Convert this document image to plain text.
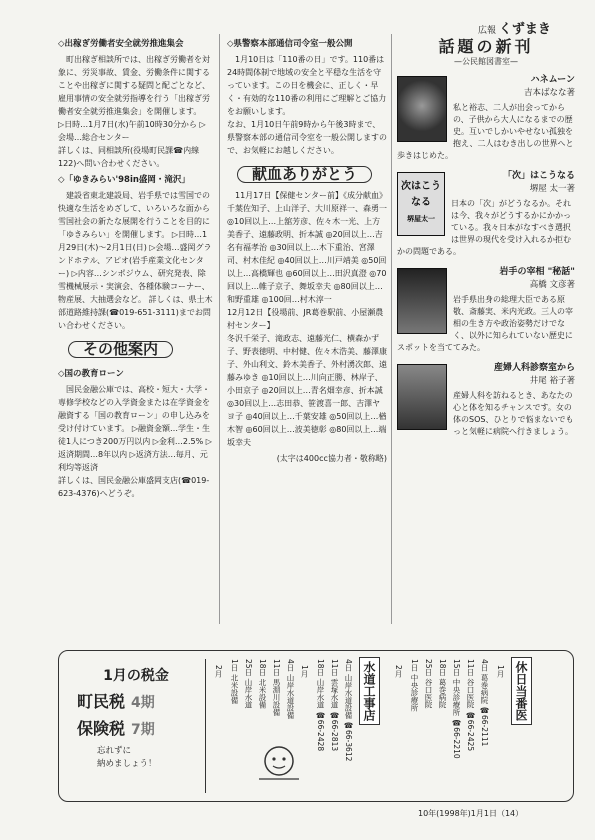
広報 くずまき
◇出稼ぎ労働者安全就労推進集会
町出稼ぎ相談所では、出稼ぎ労働者を対象に、労災事故、賃金、労働条件に関することや出稼ぎに関する疑問と配ごとなど、雇用事情の安全就労指導を行う「出稼ぎ労働者安全就労推進集会」を開催します。
▷日時…1月7日(水)午前10時30分から ▷会場…総合センター
詳しくは、同相談所(役場町民課☎内線122)へ問い合わせください。
◇「ゆきみらい'98in盛岡・滝沢」
建設省東北建設局、岩手県では雪国での快適な生活をめざして、いろいろな面から雪国社会の新たな展開を行うことを目的に「ゆきみらい」を開催します。 ▷日時…1月29日(木)〜2月1日(日) ▷会場…盛岡グランドホテル、アピオ(岩手産業文化センター) ▷内容…シンポジウム、研究発表、除雪機械展示・実演会、各種体験コーナー、物産展、大抽選会など。 詳しくは、県土木部道路維持課(☎019-651-3111)までお問い合わせください。
その他案内
◇国の教育ローン
国民金融公庫では、高校・短大・大学・専修学校などの入学資金または在学資金を融資する「国の教育ローン」の申し込みを受け付けています。 ▷融資金額…学生・生徒1人につき200万円以内 ▷金利…2.5% ▷返済期間…8年以内 ▷返済方法…毎月、元利均等返済
詳しくは、国民金融公庫盛岡支店(☎019-623-4376)へどうぞ。
◇県警察本部通信司令室一般公開
1月10日は「110番の日」です。110番は24時間体制で地域の安全と平穏な生活を守っています。この日を機会に、正しく・早く・有効的な110番の利用にご理解とご協力をお願いします。
なお、1月10日午前9時から午後3時まで、県警察本部の通信司令室を一般公開しますので、お気軽にお越しください。
献血ありがとう
11月17日【保健センター前】《成分献血》千葉佐知子、上山洋子、大川原祥一、森勇一 ◎10回以上…上舘芳彦、佐々木一光、上方美香子、遠藤政明、折本誠 ◎20回以上…吉名有福孝治 ◎30回以上…木下重治、宮澤司、村木佳紀 ◎40回以上…川戸靖美 ◎50回以上…高橋輝也 ◎60回以上…田沢真澄 ◎70回以上…帷子京子、舞坂幸夫 ◎80回以上…和野重雄 ◎100回…村木淳一
12月12日【役場前、JR葛巻駅前、小屋瀬農村センター】
冬沢千栄子、滝政志、遠藤光仁、横森かず子、野表徳明、中村健、佐々木浩美、藤澤康子、外山利文、鈴木美香子、外村湧次郎、遠藤みゆき ◎10回以上…川向正勝、林岸子、小田京子 ◎20回以上…青名畑幸彦、折本誠 ◎30回以上…志田恭、笹渡喜一郎、吉澤ヤヨ子 ◎40回以上…千葉安雄 ◎50回以上…楢木智 ◎60回以上…波美徳彰 ◎80回以上…端坂幸夫
(太字は400cc協力者・敬称略)
話題の新刊
—公民館図書室—
ハネムーン
吉本ばなな著
私と裕志、二人が出会ってからの、子供から大人になるまでの歴史。互いでしかいやせない孤独を抱え、二人はむき出しの世界へと歩きはじめた。
次はこうなる
堺屋太一
「次」はこうなる
堺屋 太一著
日本の「次」がどうなるか。それは今、我々がどうするかにかかっている。我々日本がなすべき選択は世界の現代を受け入れるか拒むかの問題である。
岩手の宰相 "秘話"
高橋 文彦著
岩手県出身の総理大臣である原敬、斎藤実、米内光政。三人の宰相の生き方や政治姿勢だけでなく、以外に知られていない歴史にスポットを当ててみた。
産婦人科診察室から
井尾 裕子著
産婦人科を訪ねるとき、あなたの心と体を知るチャンスです。女の体のSOS、ひとりで悩まないでもっと気軽に病院へ行きましょう。
1月の税金
町民税 4期
保険税 7期
忘れずに
納めましょう！
2月 1日 北米設備 25日 山岸水道 18日 北米設備 11日 馬淵川設備 4日 山岸水道設備 1月 18日 山岸水道 ☎66-2428 11日 雲塚水道 ☎66-2813 4日 山岸水道設備 ☎66-3612 水道工事店	2月 1日 中央診療所 25日 谷口医院 18日 葛巻病院 15日 中央診療所 ☎66-2210 11日 谷口医院 ☎66-2425 4日 葛巻病院 ☎66-2111 1月 休日当番医
10年(1998年)1月1日（14）
